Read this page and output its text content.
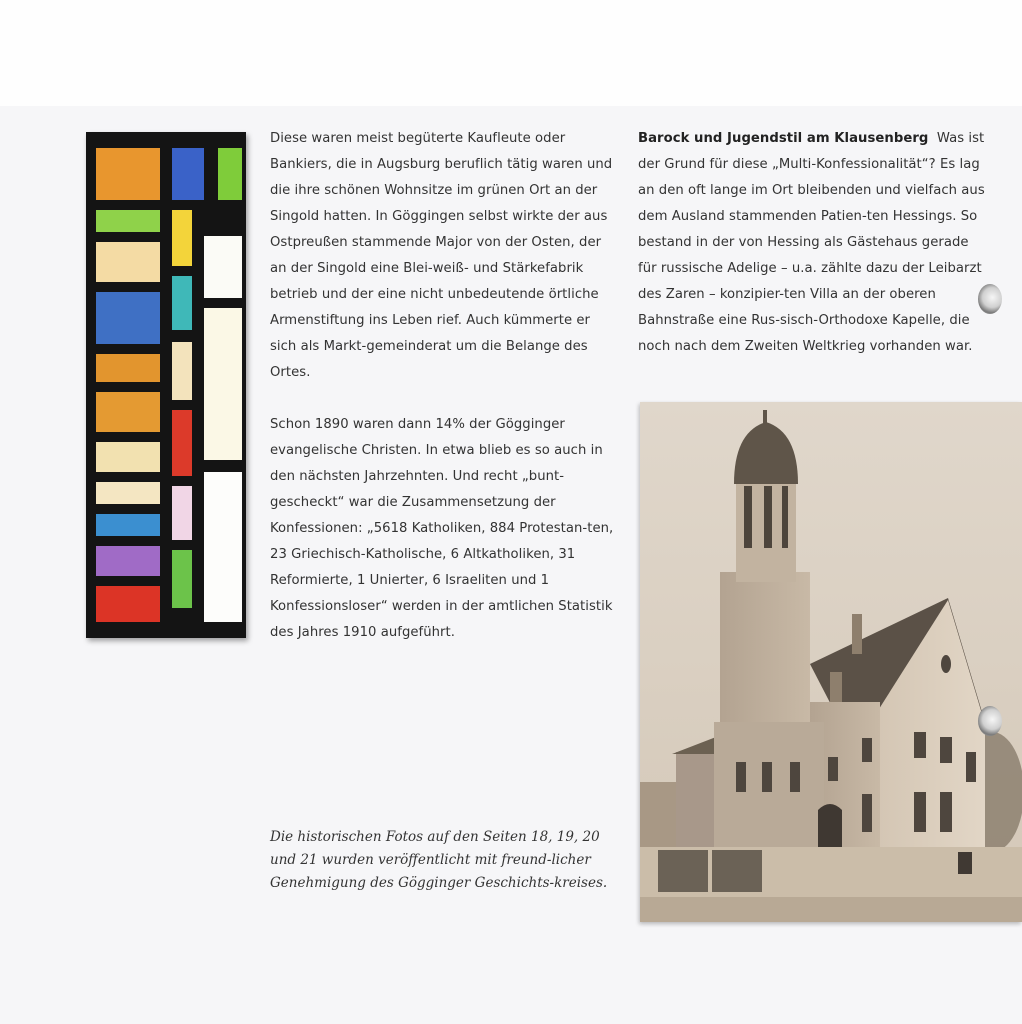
Diese waren meist begüterte Kaufleute oder Bankiers, die in Augsburg beruflich tätig waren und die ihre schönen Wohnsitze im grünen Ort an der Singold hatten. In Göggingen selbst wirkte der aus Ostpreußen stammende Major von der Osten, der an der Singold eine Blei-weiß- und Stärkefabrik betrieb und der eine nicht unbedeutende örtliche Armenstiftung ins Leben rief. Auch kümmerte er sich als Markt-gemeinderat um die Belange des Ortes.

Schon 1890 waren dann 14% der Gögginger evangelische Christen. In etwa blieb es so auch in den nächsten Jahrzehnten. Und recht „bunt-gescheckt“ war die Zusammensetzung der Konfessionen: „5618 Katholiken, 884 Protestan-ten, 23 Griechisch-Katholische, 6 Altkatholiken, 31 Reformierte, 1 Unierter, 6 Israeliten und 1 Konfessionsloser“ werden in der amtlichen Statistik des Jahres 1910 aufgeführt.

Barock und Jugendstil am Klausenberg Was ist der Grund für diese „Multi-Konfessionalität“? Es lag an den oft lange im Ort bleibenden und vielfach aus dem Ausland stammenden Patien-ten Hessings. So bestand in der von Hessing als Gästehaus gerade für russische Adelige – u.a. zählte dazu der Leibarzt des Zaren – konzipier-ten Villa an der oberen Bahnstraße eine Rus-sisch-Orthodoxe Kapelle, die noch nach dem Zweiten Weltkrieg vorhanden war.

Die historischen Fotos auf den Seiten 18, 19, 20 und 21 wurden veröffentlicht mit freund-licher Genehmigung des Gögginger Geschichts-kreises.
